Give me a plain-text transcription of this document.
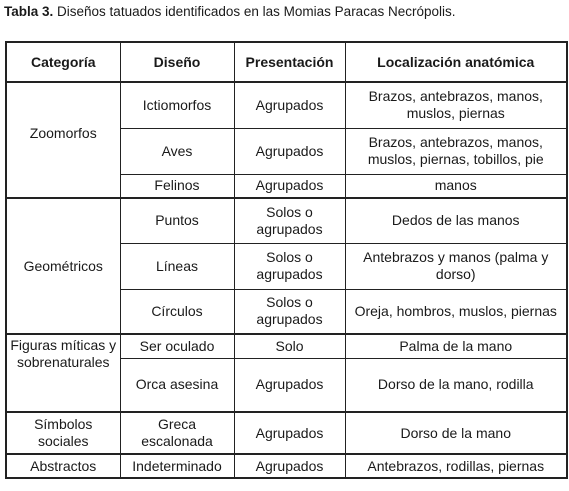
Tabla 3. Diseños tatuados identificados en las Momias Paracas Necrópolis.
Categoría	Diseño	Presentación	Localización anatómica
Zoomorfos	Ictiomorfos	Agrupados	Brazos, antebrazos, manos, muslos, piernas
	Aves	Agrupados	Brazos, antebrazos, manos, muslos, piernas, tobillos, pie
	Felinos	Agrupados	manos
Geométricos	Puntos	Solos o agrupados	Dedos de las manos
	Líneas	Solos o agrupados	Antebrazos y manos (palma y dorso)
	Círculos	Solos o agrupados	Oreja, hombros, muslos, piernas
Figuras míticas y sobrenaturales	Ser oculado	Solo	Palma de la mano
	Orca asesina	Agrupados	Dorso de la mano, rodilla
Símbolos sociales	Greca escalonada	Agrupados	Dorso de la mano
Abstractos	Indeterminado	Agrupados	Antebrazos, rodillas, piernas
